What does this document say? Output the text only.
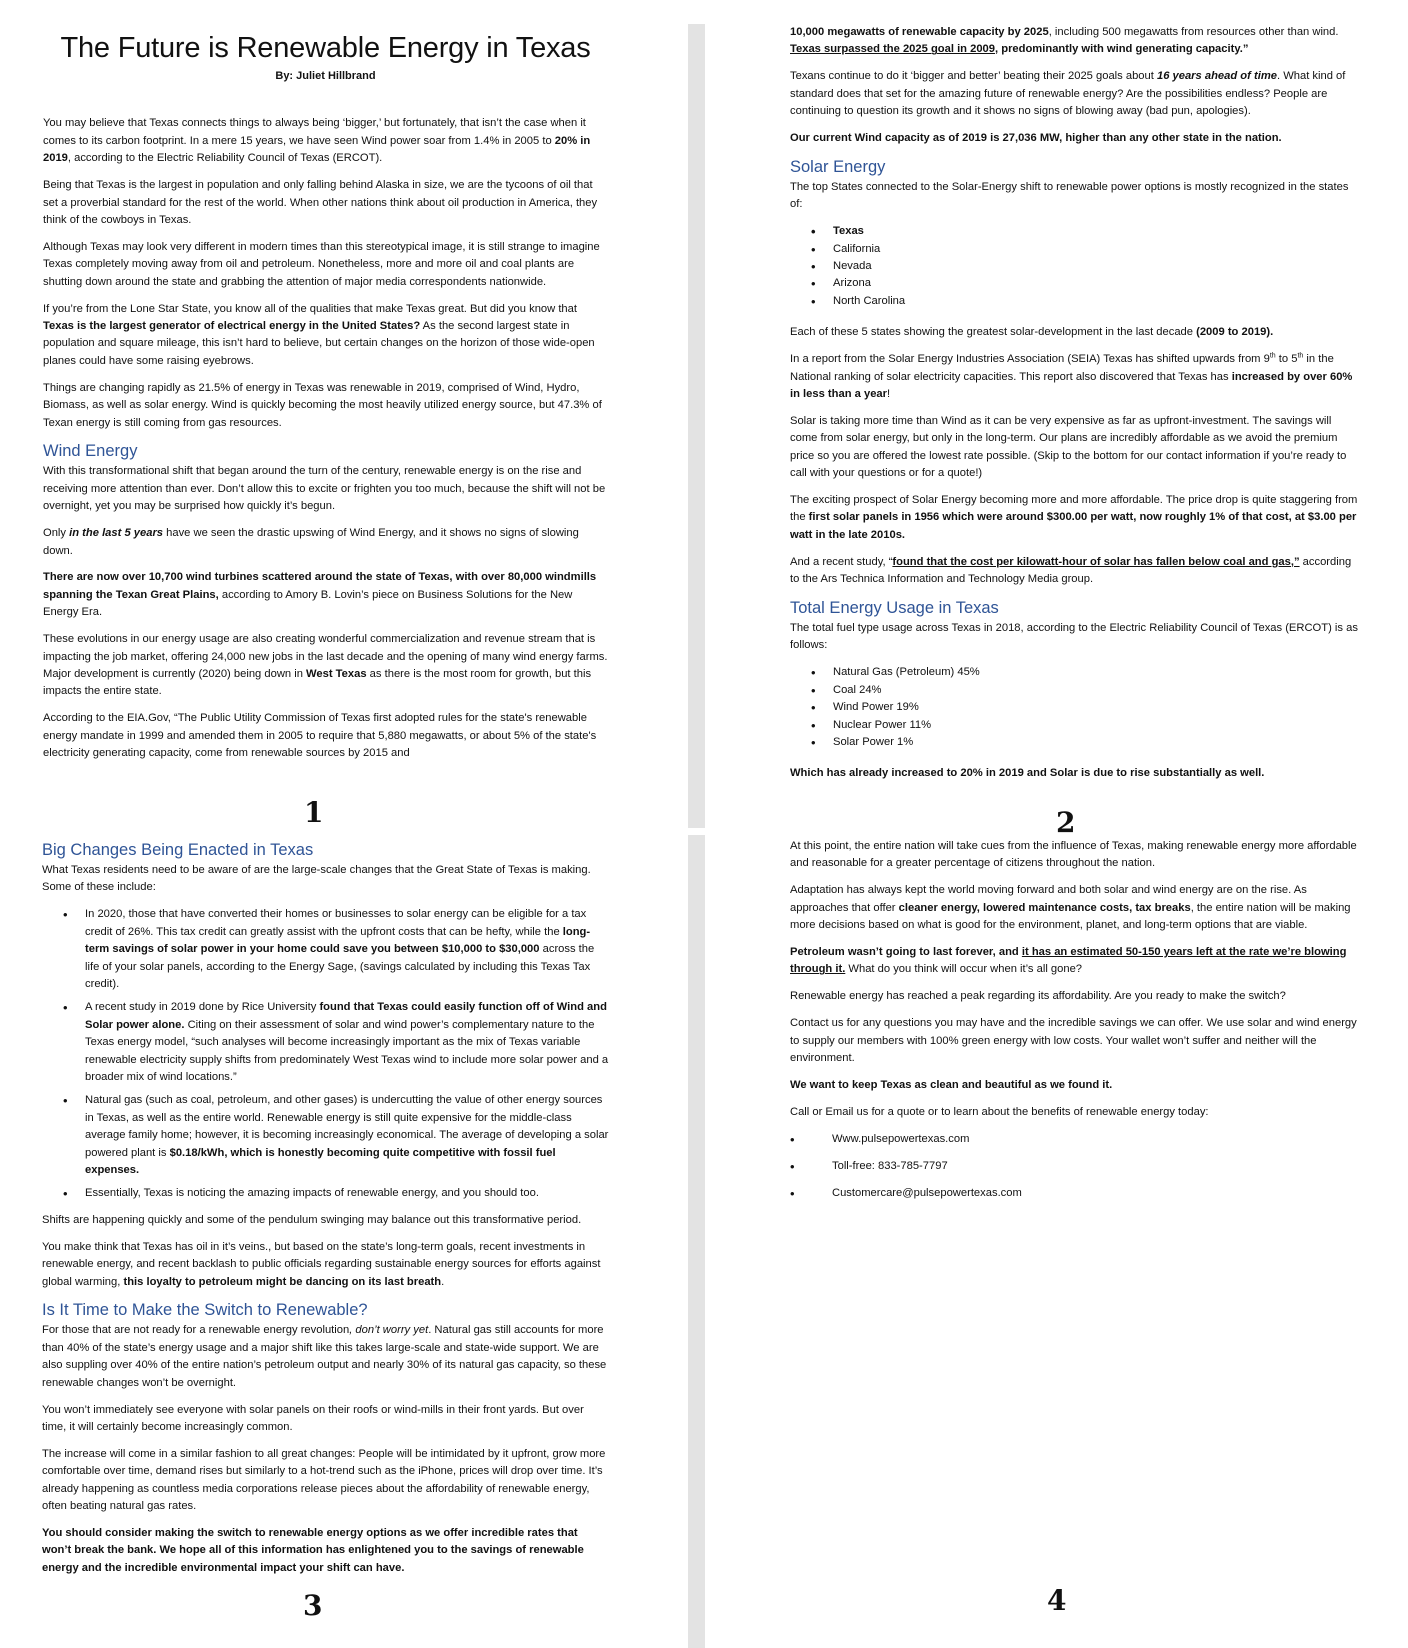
The Future is Renewable Energy in Texas
By: Juliet Hillbrand

You may believe that Texas connects things to always being ‘bigger,’ but fortunately, that isn’t the case when it comes to its carbon footprint. In a mere 15 years, we have seen Wind power soar from 1.4% in 2005 to 20% in 2019, according to the Electric Reliability Council of Texas (ERCOT).

Being that Texas is the largest in population and only falling behind Alaska in size, we are the tycoons of oil that set a proverbial standard for the rest of the world. When other nations think about oil production in America, they think of the cowboys in Texas.

Although Texas may look very different in modern times than this stereotypical image, it is still strange to imagine Texas completely moving away from oil and petroleum. Nonetheless, more and more oil and coal plants are shutting down around the state and grabbing the attention of major media correspondents nationwide.

If you’re from the Lone Star State, you know all of the qualities that make Texas great. But did you know that Texas is the largest generator of electrical energy in the United States? As the second largest state in population and square mileage, this isn’t hard to believe, but certain changes on the horizon of those wide-open planes could have some raising eyebrows.

Things are changing rapidly as 21.5% of energy in Texas was renewable in 2019, comprised of Wind, Hydro, Biomass, as well as solar energy. Wind is quickly becoming the most heavily utilized energy source, but 47.3% of Texan energy is still coming from gas resources.

Wind Energy

With this transformational shift that began around the turn of the century, renewable energy is on the rise and receiving more attention than ever. Don’t allow this to excite or frighten you too much, because the shift will not be overnight, yet you may be surprised how quickly it’s begun.

Only in the last 5 years have we seen the drastic upswing of Wind Energy, and it shows no signs of slowing down.

There are now over 10,700 wind turbines scattered around the state of Texas, with over 80,000 windmills spanning the Texan Great Plains, according to Amory B. Lovin’s piece on Business Solutions for the New Energy Era.

These evolutions in our energy usage are also creating wonderful commercialization and revenue stream that is impacting the job market, offering 24,000 new jobs in the last decade and the opening of many wind energy farms. Major development is currently (2020) being down in West Texas as there is the most room for growth, but this impacts the entire state.

According to the EIA.Gov, “The Public Utility Commission of Texas first adopted rules for the state's renewable energy mandate in 1999 and amended them in 2005 to require that 5,880 megawatts, or about 5% of the state's electricity generating capacity, come from renewable sources by 2015 and

1

10,000 megawatts of renewable capacity by 2025, including 500 megawatts from resources other than wind. Texas surpassed the 2025 goal in 2009, predominantly with wind generating capacity.”

Texans continue to do it ‘bigger and better’ beating their 2025 goals about 16 years ahead of time. What kind of standard does that set for the amazing future of renewable energy? Are the possibilities endless? People are continuing to question its growth and it shows no signs of blowing away (bad pun, apologies).

Our current Wind capacity as of 2019 is 27,036 MW, higher than any other state in the nation.

Solar Energy

The top States connected to the Solar-Energy shift to renewable power options is mostly recognized in the states of:

• Texas
• California
• Nevada
• Arizona
• North Carolina

Each of these 5 states showing the greatest solar-development in the last decade (2009 to 2019).

In a report from the Solar Energy Industries Association (SEIA) Texas has shifted upwards from 9th to 5th in the National ranking of solar electricity capacities. This report also discovered that Texas has increased by over 60% in less than a year!

Solar is taking more time than Wind as it can be very expensive as far as upfront-investment. The savings will come from solar energy, but only in the long-term. Our plans are incredibly affordable as we avoid the premium price so you are offered the lowest rate possible. (Skip to the bottom for our contact information if you’re ready to call with your questions or for a quote!)

The exciting prospect of Solar Energy becoming more and more affordable. The price drop is quite staggering from the first solar panels in 1956 which were around $300.00 per watt, now roughly 1% of that cost, at $3.00 per watt in the late 2010s.

And a recent study, “found that the cost per kilowatt-hour of solar has fallen below coal and gas,” according to the Ars Technica Information and Technology Media group.

Total Energy Usage in Texas

The total fuel type usage across Texas in 2018, according to the Electric Reliability Council of Texas (ERCOT) is as follows:

• Natural Gas (Petroleum) 45%
• Coal 24%
• Wind Power 19%
• Nuclear Power 11%
• Solar Power 1%

Which has already increased to 20% in 2019 and Solar is due to rise substantially as well.

2
Big Changes Being Enacted in Texas

What Texas residents need to be aware of are the large-scale changes that the Great State of Texas is making. Some of these include:

• In 2020, those that have converted their homes or businesses to solar energy can be eligible for a tax credit of 26%. This tax credit can greatly assist with the upfront costs that can be hefty, while the long-term savings of solar power in your home could save you between $10,000 to $30,000 across the life of your solar panels, according to the Energy Sage, (savings calculated by including this Texas Tax credit).
• A recent study in 2019 done by Rice University found that Texas could easily function off of Wind and Solar power alone. Citing on their assessment of solar and wind power’s complementary nature to the Texas energy model, “such analyses will become increasingly important as the mix of Texas variable renewable electricity supply shifts from predominately West Texas wind to include more solar power and a broader mix of wind locations.”
• Natural gas (such as coal, petroleum, and other gases) is undercutting the value of other energy sources in Texas, as well as the entire world. Renewable energy is still quite expensive for the middle-class average family home; however, it is becoming increasingly economical. The average of developing a solar powered plant is $0.18/kWh, which is honestly becoming quite competitive with fossil fuel expenses.
• Essentially, Texas is noticing the amazing impacts of renewable energy, and you should too.

Shifts are happening quickly and some of the pendulum swinging may balance out this transformative period.

You make think that Texas has oil in it’s veins., but based on the state’s long-term goals, recent investments in renewable energy, and recent backlash to public officials regarding sustainable energy sources for efforts against global warming, this loyalty to petroleum might be dancing on its last breath.

Is It Time to Make the Switch to Renewable?

For those that are not ready for a renewable energy revolution, don’t worry yet. Natural gas still accounts for more than 40% of the state’s energy usage and a major shift like this takes large-scale and state-wide support. We are also suppling over 40% of the entire nation’s petroleum output and nearly 30% of its natural gas capacity, so these renewable changes won’t be overnight.

You won’t immediately see everyone with solar panels on their roofs or wind-mills in their front yards. But over time, it will certainly become increasingly common.

The increase will come in a similar fashion to all great changes: People will be intimidated by it upfront, grow more comfortable over time, demand rises but similarly to a hot-trend such as the iPhone, prices will drop over time. It’s already happening as countless media corporations release pieces about the affordability of renewable energy, often beating natural gas rates.

You should consider making the switch to renewable energy options as we offer incredible rates that won’t break the bank. We hope all of this information has enlightened you to the savings of renewable energy and the incredible environmental impact your shift can have.

3

At this point, the entire nation will take cues from the influence of Texas, making renewable energy more affordable and reasonable for a greater percentage of citizens throughout the nation.

Adaptation has always kept the world moving forward and both solar and wind energy are on the rise. As approaches that offer cleaner energy, lowered maintenance costs, tax breaks, the entire nation will be making more decisions based on what is good for the environment, planet, and long-term options that are viable.

Petroleum wasn’t going to last forever, and it has an estimated 50-150 years left at the rate we’re blowing through it. What do you think will occur when it’s all gone?

Renewable energy has reached a peak regarding its affordability. Are you ready to make the switch?

Contact us for any questions you may have and the incredible savings we can offer. We use solar and wind energy to supply our members with 100% green energy with low costs. Your wallet won’t suffer and neither will the environment.

We want to keep Texas as clean and beautiful as we found it.

Call or Email us for a quote or to learn about the benefits of renewable energy today:

• Www.pulsepowertexas.com
• Toll-free: 833-785-7797
• Customercare@pulsepowertexas.com
4
